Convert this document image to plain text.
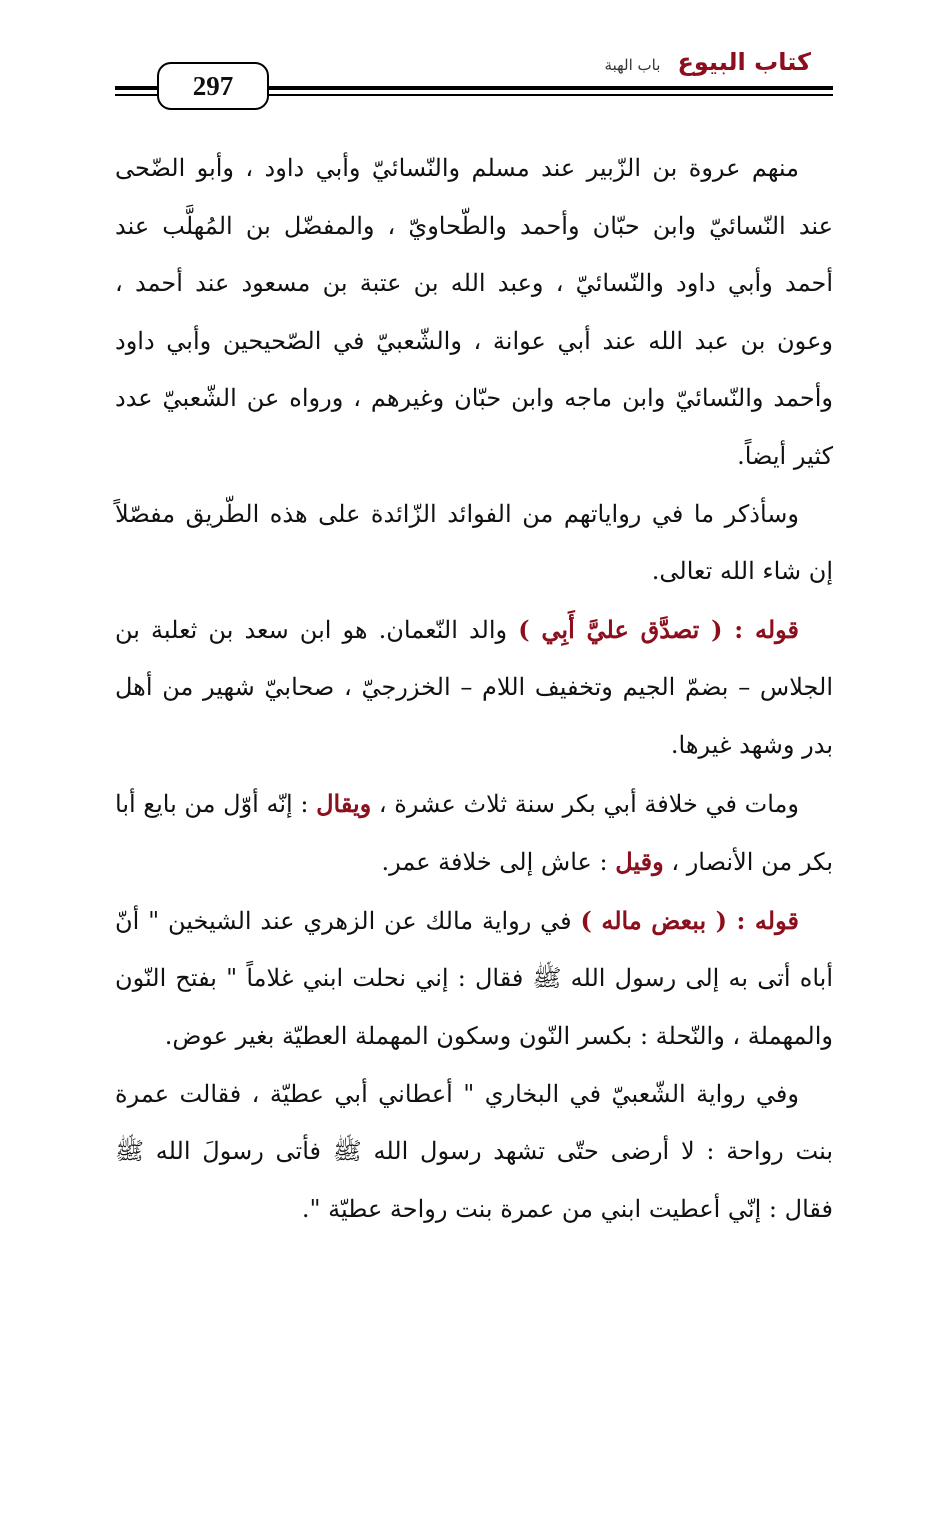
297
كتاب البيوع باب الهبة

منهم عروة بن الزّبير عند مسلم والنّسائيّ وأبي داود ، وأبو الضّحى عند النّسائيّ وابن حبّان وأحمد والطّحاويّ ، والمفضّل بن المُهلَّب عند أحمد وأبي داود والنّسائيّ ، وعبد الله بن عتبة بن مسعود عند أحمد ، وعون بن عبد الله عند أبي عوانة ، والشّعبيّ في الصّحيحين وأبي داود وأحمد والنّسائيّ وابن ماجه وابن حبّان وغيرهم ، ورواه عن الشّعبيّ عدد كثير أيضاً.

وسأذكر ما في رواياتهم من الفوائد الزّائدة على هذه الطّريق مفصّلاً إن شاء الله تعالى.

قوله : ( تصدَّق عليَّ أَبِي ) والد النّعمان. هو ابن سعد بن ثعلبة بن الجلاس – بضمّ الجيم وتخفيف اللام – الخزرجيّ ، صحابيّ شهير من أهل بدر وشهد غيرها.

ومات في خلافة أبي بكر سنة ثلاث عشرة ، ويقال : إنّه أوّل من بايع أبا بكر من الأنصار ، وقيل : عاش إلى خلافة عمر.

قوله : ( ببعض ماله ) في رواية مالك عن الزهري عند الشيخين " أنّ أباه أتى به إلى رسول الله ﷺ فقال : إني نحلت ابني غلاماً " بفتح النّون والمهملة ، والنّحلة : بكسر النّون وسكون المهملة العطيّة بغير عوض.

وفي رواية الشّعبيّ في البخاري " أعطاني أبي عطيّة ، فقالت عمرة بنت رواحة : لا أرضى حتّى تشهد رسول الله ﷺ فأتى رسولَ الله ﷺ فقال : إنّي أعطيت ابني من عمرة بنت رواحة عطيّة ".
